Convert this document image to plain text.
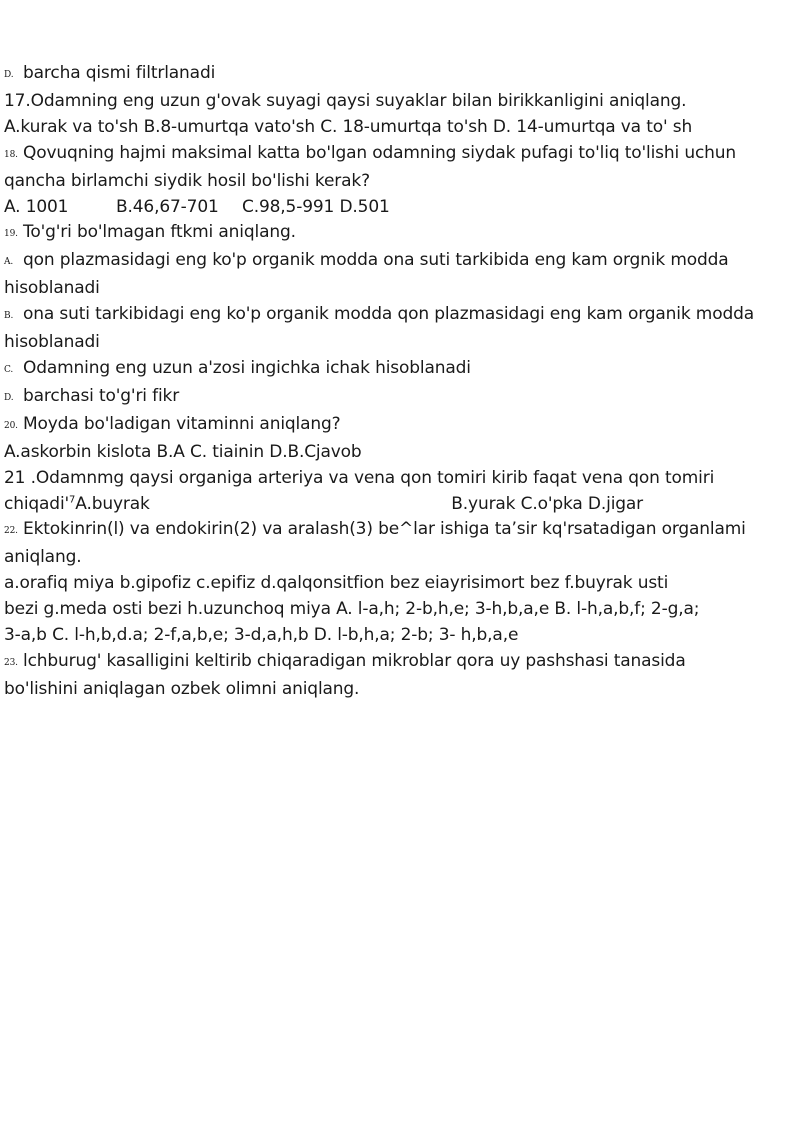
D. barcha qismi filtrlanadi
17.Odamning eng uzun g'ovak suyagi qaysi suyaklar bilan birikkanligini aniqlang.
A.kurak va to'sh B.8-umurtqa vato'sh C. 18-umurtqa to'sh D. 14-umurtqa va to' sh
18. Qovuqning hajmi maksimal katta bo'lgan odamning siydak pufagi to'liq to'lishi uchun
qancha birlamchi siydik hosil bo'lishi kerak?
A. 1001	B.46,67-701 C.98,5-991 D.501
19. To'g'ri bo'lmagan ftkmi aniqlang.
A. qon plazmasidagi eng ko'p organik modda ona suti tarkibida eng kam orgnik modda
hisoblanadi
B. ona suti tarkibidagi eng ko'p organik modda qon plazmasidagi eng kam organik modda
hisoblanadi
C. Odamning eng uzun a'zosi ingichka ichak hisoblanadi
D. barchasi to'g'ri fikr
20. Moyda bo'ladigan vitaminni aniqlang?
A.askorbin kislota B.A C. tiainin D.B.Cjavob
21 .Odamnmg qaysi organiga arteriya va vena qon tomiri kirib faqat vena qon tomiri
$chiqadi'^7A.buyrak$	B.yurak C.o'pka D.jigar
22. Ektokinrin(l) va endokirin(2) va aralash(3) be^lar ishiga ta’sir kq'rsatadigan organlami
aniqlang.
a.orafiq miya b.gipofiz c.epifiz d.qalqonsitfion bez eiayrisimort bez f.buyrak usti
bezi g.meda osti bezi h.uzunchoq miya A. l-a,h; 2-b,h,e; 3-h,b,a,e B. l-h,a,b,f; 2-g,a;
3-a,b C. l-h,b,d.a; 2-f,a,b,e; 3-d,a,h,b D. l-b,h,a; 2-b; 3- h,b,a,e
23. lchburug' kasalligini keltirib chiqaradigan mikroblar qora uy pashshasi tanasida
bo'lishini aniqlagan ozbek olimni aniqlang.
